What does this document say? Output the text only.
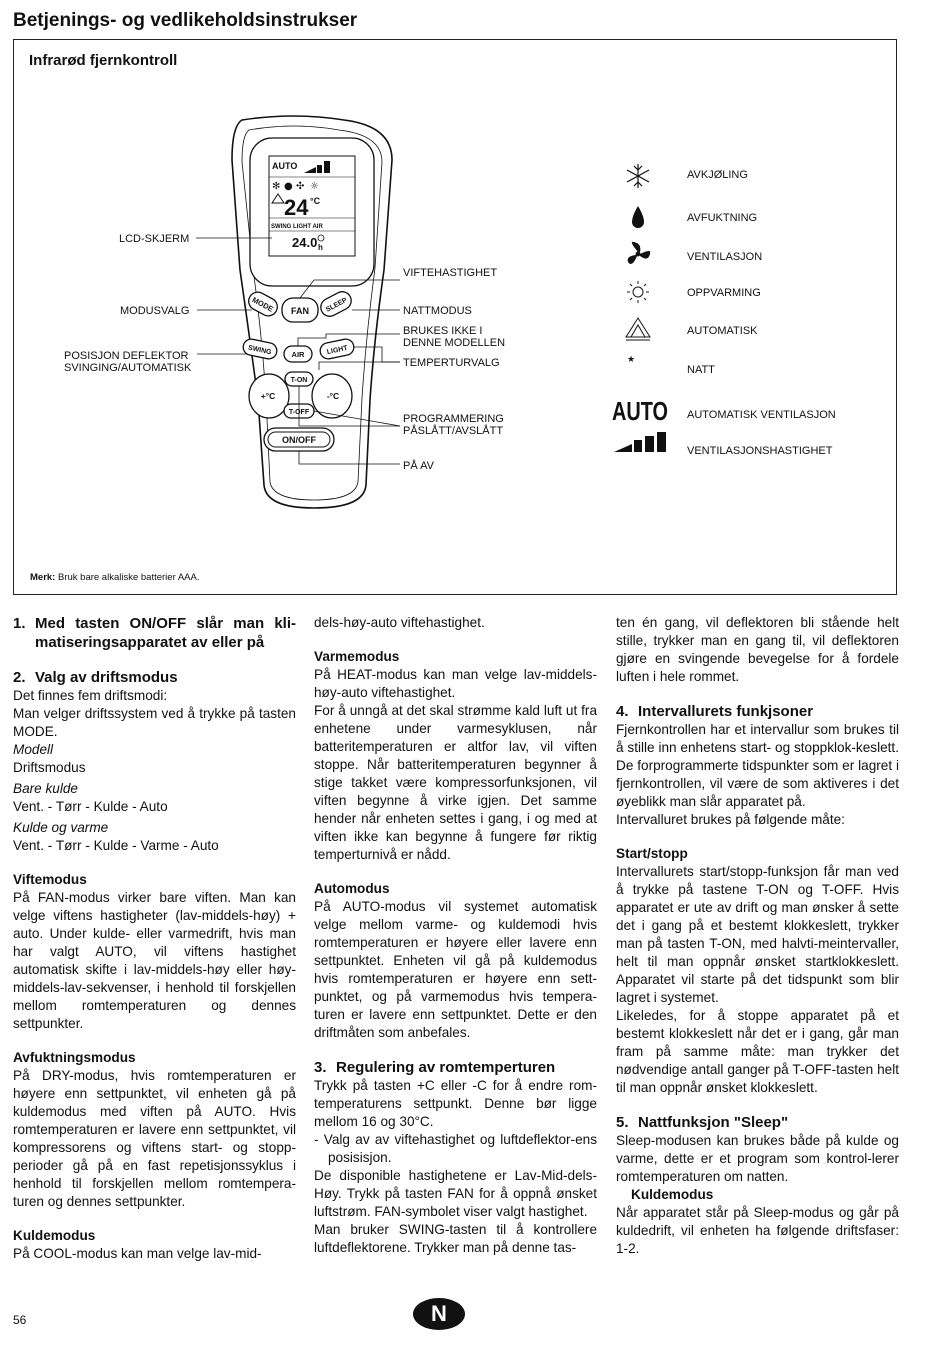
Betjenings- og vedlikeholdsinstrukser
Infrarød fjernkontroll
AUTO
✻ ● ✣ ☼
24 °C
SWING LIGHT AIR
24.0 h
MODE FAN SLEEP
SWING	AIR	LIGHT
+°C	-°C
T-ON
T-OFF
ON/OFF
LCD-SKJERM
MODUSVALG
POSISJON DEFLEKTOR
SVINGING/AUTOMATISK
VIFTEHASTIGHET
NATTMODUS
BRUKES IKKE I
DENNE MODELLEN
TEMPERTURVALG
PROGRAMMERING
PÅSLÅTT/AVSLÅTT
PÅ AV
★
AUTO
AVKJØLING
AVFUKTNING
VENTILASJON
OPPVARMING
AUTOMATISK
NATT
AUTOMATISK VENTILASJON
VENTILASJONSHASTIGHET
Merk: Bruk bare alkaliske batterier AAA.

1. Med tasten ON/OFF slår man kli-matiseringsapparatet av eller på

2. Valg av driftsmodus

Det finnes fem driftsmodi:

Man velger driftssystem ved å trykke på tasten MODE.

Modell

Driftsmodus

Bare kulde

Vent. - Tørr - Kulde - Auto

Kulde og varme

Vent. - Tørr - Kulde - Varme - Auto

Viftemodus

På FAN-modus virker bare viften. Man kan velge viftens hastigheter (lav-middels-høy) + auto. Under kulde- eller varmedrift, hvis man har valgt AUTO, vil viftens hastighet automatisk skifte i lav-middels-høy eller høy-middels-lav-sekvenser, i henhold til forskjellen mellom romtemperaturen og dennes settpunkter.

Avfuktningsmodus

På DRY-modus, hvis romtemperaturen er høyere enn settpunktet, vil enheten gå på kuldemodus med viften på AUTO. Hvis romtemperaturen er lavere enn settpunktet, vil kompressorens og viftens start- og stopp-perioder gå på en fast repetisjonssyklus i henhold til forskjellen mellom romtempera-turen og dennes settpunkter.

Kuldemodus

På COOL-modus kan man velge lav-mid-

dels-høy-auto viftehastighet.

Varmemodus

På HEAT-modus kan man velge lav-middels-høy-auto viftehastighet.

For å unngå at det skal strømme kald luft ut fra enhetene under varmesyklusen, når batteritemperaturen er altfor lav, vil viften stoppe. Når batteritemperaturen begynner å stige takket være kompressorfunksjonen, vil viften begynne å virke igjen. Det samme hender når enheten settes i gang, i og med at viften ikke kan begynne å fungere før riktig temperturnivå er nådd.

Automodus

På AUTO-modus vil systemet automatisk velge mellom varme- og kuldemodi hvis romtemperaturen er høyere eller lavere enn settpunktet. Enheten vil gå på kuldemodus hvis romtemperaturen er høyere enn sett-punktet, og på varmemodus hvis tempera-turen er lavere enn settpunktet. Dette er den driftmåten som anbefales.

3. Regulering av romtemperturen

Trykk på tasten +C eller -C for å endre rom-temperaturens settpunkt. Denne bør ligge mellom 16 og 30°C.

- Valg av av viftehastighet og luftdeflektor-ens posisisjon.

De disponible hastighetene er Lav-Mid-dels-Høy. Trykk på tasten FAN for å oppnå ønsket luftstrøm. FAN-symbolet viser valgt hastighet.

Man bruker SWING-tasten til å kontrollere luftdeflektorene. Trykker man på denne tas-

ten én gang, vil deflektoren bli stående helt stille, trykker man en gang til, vil deflektoren gjøre en svingende bevegelse for å fordele luften i hele rommet.

4. Intervallurets funkjsoner

Fjernkontrollen har et intervallur som brukes til å stille inn enhetens start- og stoppklok-keslett. De forprogrammerte tidspunkter som er lagret i fjernkontrollen, vil være de som aktiveres i det øyeblikk man slår apparatet på.

Intervalluret brukes på følgende måte:

Start/stopp

Intervallurets start/stopp-funksjon får man ved å trykke på tastene T-ON og T-OFF. Hvis apparatet er ute av drift og man ønsker å sette det i gang på et bestemt klokkeslett, trykker man på tasten T-ON, med halvti-meintervaller, helt til man oppnår ønsket startklokkeslett. Apparatet vil starte på det tidspunkt som blir lagret i systemet.

Likeledes, for å stoppe apparatet på et bestemt klokkeslett når det er i gang, går man fram på samme måte: man trykker det nødvendige antall ganger på T-OFF-tasten helt til man oppnår ønsket klokkeslett.

5. Nattfunksjon "Sleep"

Sleep-modusen kan brukes både på kulde og varme, dette er et program som kontrol-lerer romtemperaturen om natten.

Kuldemodus

Når apparatet står på Sleep-modus og går på kuldedrift, vil enheten ha følgende driftsfaser: 1-2.

56	N
